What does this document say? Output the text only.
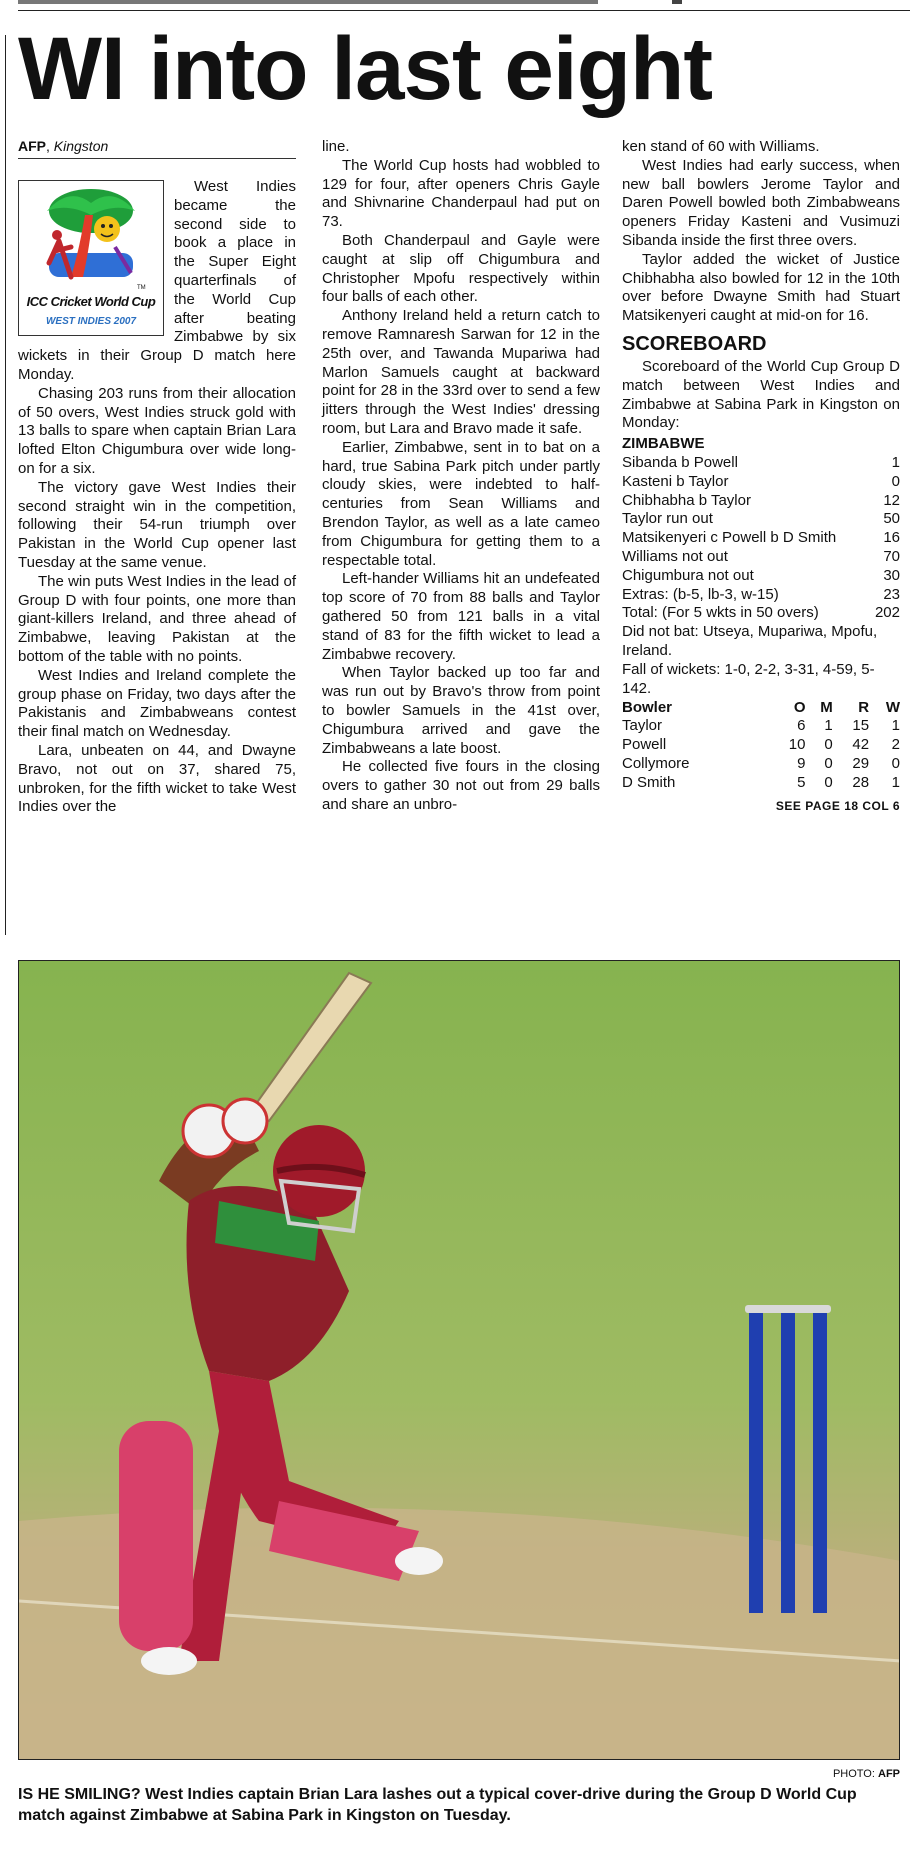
WI into last eight
AFP, Kingston
TM
ICC Cricket World Cup
WEST INDIES 2007

West Indies became the second side to book a place in the Super Eight quarterfinals of the World Cup after beating Zimbabwe by six wickets in their Group D match here Monday.

Chasing 203 runs from their allocation of 50 overs, West Indies struck gold with 13 balls to spare when captain Brian Lara lofted Elton Chigumbura over wide long-on for a six.

The victory gave West Indies their second straight win in the competition, following their 54-run triumph over Pakistan in the World Cup opener last Tuesday at the same venue.

The win puts West Indies in the lead of Group D with four points, one more than giant-killers Ireland, and three ahead of Zimbabwe, leaving Pakistan at the bottom of the table with no points.

West Indies and Ireland complete the group phase on Friday, two days after the Pakistanis and Zimbabweans contest their final match on Wednesday.

Lara, unbeaten on 44, and Dwayne Bravo, not out on 37, shared 75, unbroken, for the fifth wicket to take West Indies over the

line.

The World Cup hosts had wobbled to 129 for four, after openers Chris Gayle and Shivnarine Chanderpaul had put on 73.

Both Chanderpaul and Gayle were caught at slip off Chigumbura and Christopher Mpofu respectively within four balls of each other.

Anthony Ireland held a return catch to remove Ramnaresh Sarwan for 12 in the 25th over, and Tawanda Mupariwa had Marlon Samuels caught at backward point for 28 in the 33rd over to send a few jitters through the West Indies' dressing room, but Lara and Bravo made it safe.

Earlier, Zimbabwe, sent in to bat on a hard, true Sabina Park pitch under partly cloudy skies, were indebted to half-centuries from Sean Williams and Brendon Taylor, as well as a late cameo from Chigumbura for getting them to a respectable total.

Left-hander Williams hit an undefeated top score of 70 from 88 balls and Taylor gathered 50 from 121 balls in a vital stand of 83 for the fifth wicket to lead a Zimbabwe recovery.

When Taylor backed up too far and was run out by Bravo's throw from point to bowler Samuels in the 41st over, Chigumbura arrived and gave the Zimbabweans a late boost.

He collected five fours in the closing overs to gather 30 not out from 29 balls and share an unbro-

ken stand of 60 with Williams.

West Indies had early success, when new ball bowlers Jerome Taylor and Daren Powell bowled both Zimbabweans openers Friday Kasteni and Vusimuzi Sibanda inside the first three overs.

Taylor added the wicket of Justice Chibhabha also bowled for 12 in the 10th over before Dwayne Smith had Stuart Matsikenyeri caught at mid-on for 16.

SCOREBOARD

Scoreboard of the World Cup Group D match between West Indies and Zimbabwe at Sabina Park in Kingston on Monday:

ZIMBABWE
Sibanda b Powell	1
Kasteni b Taylor	0
Chibhabha b Taylor	12
Taylor run out	50
Matsikenyeri c Powell b D Smith	16
Williams not out	70
Chigumbura not out	30
Extras: (b-5, lb-3, w-15)	23
Total: (For 5 wkts in 50 overs)	202
Did not bat: Utseya, Mupariwa, Mpofu, Ireland.
Fall of wickets: 1-0, 2-2, 3-31, 4-59, 5-142.
Bowler	O	M	R	W
Taylor	6	1	15	1
Powell	10	0	42	2
Collymore	9	0	29	0
D Smith	5	0	28	1
SEE PAGE 18 COL 6
PHOTO: AFP
IS HE SMILING? West Indies captain Brian Lara lashes out a typical cover-drive during the Group D World Cup match against Zimbabwe at Sabina Park in Kingston on Tuesday.
